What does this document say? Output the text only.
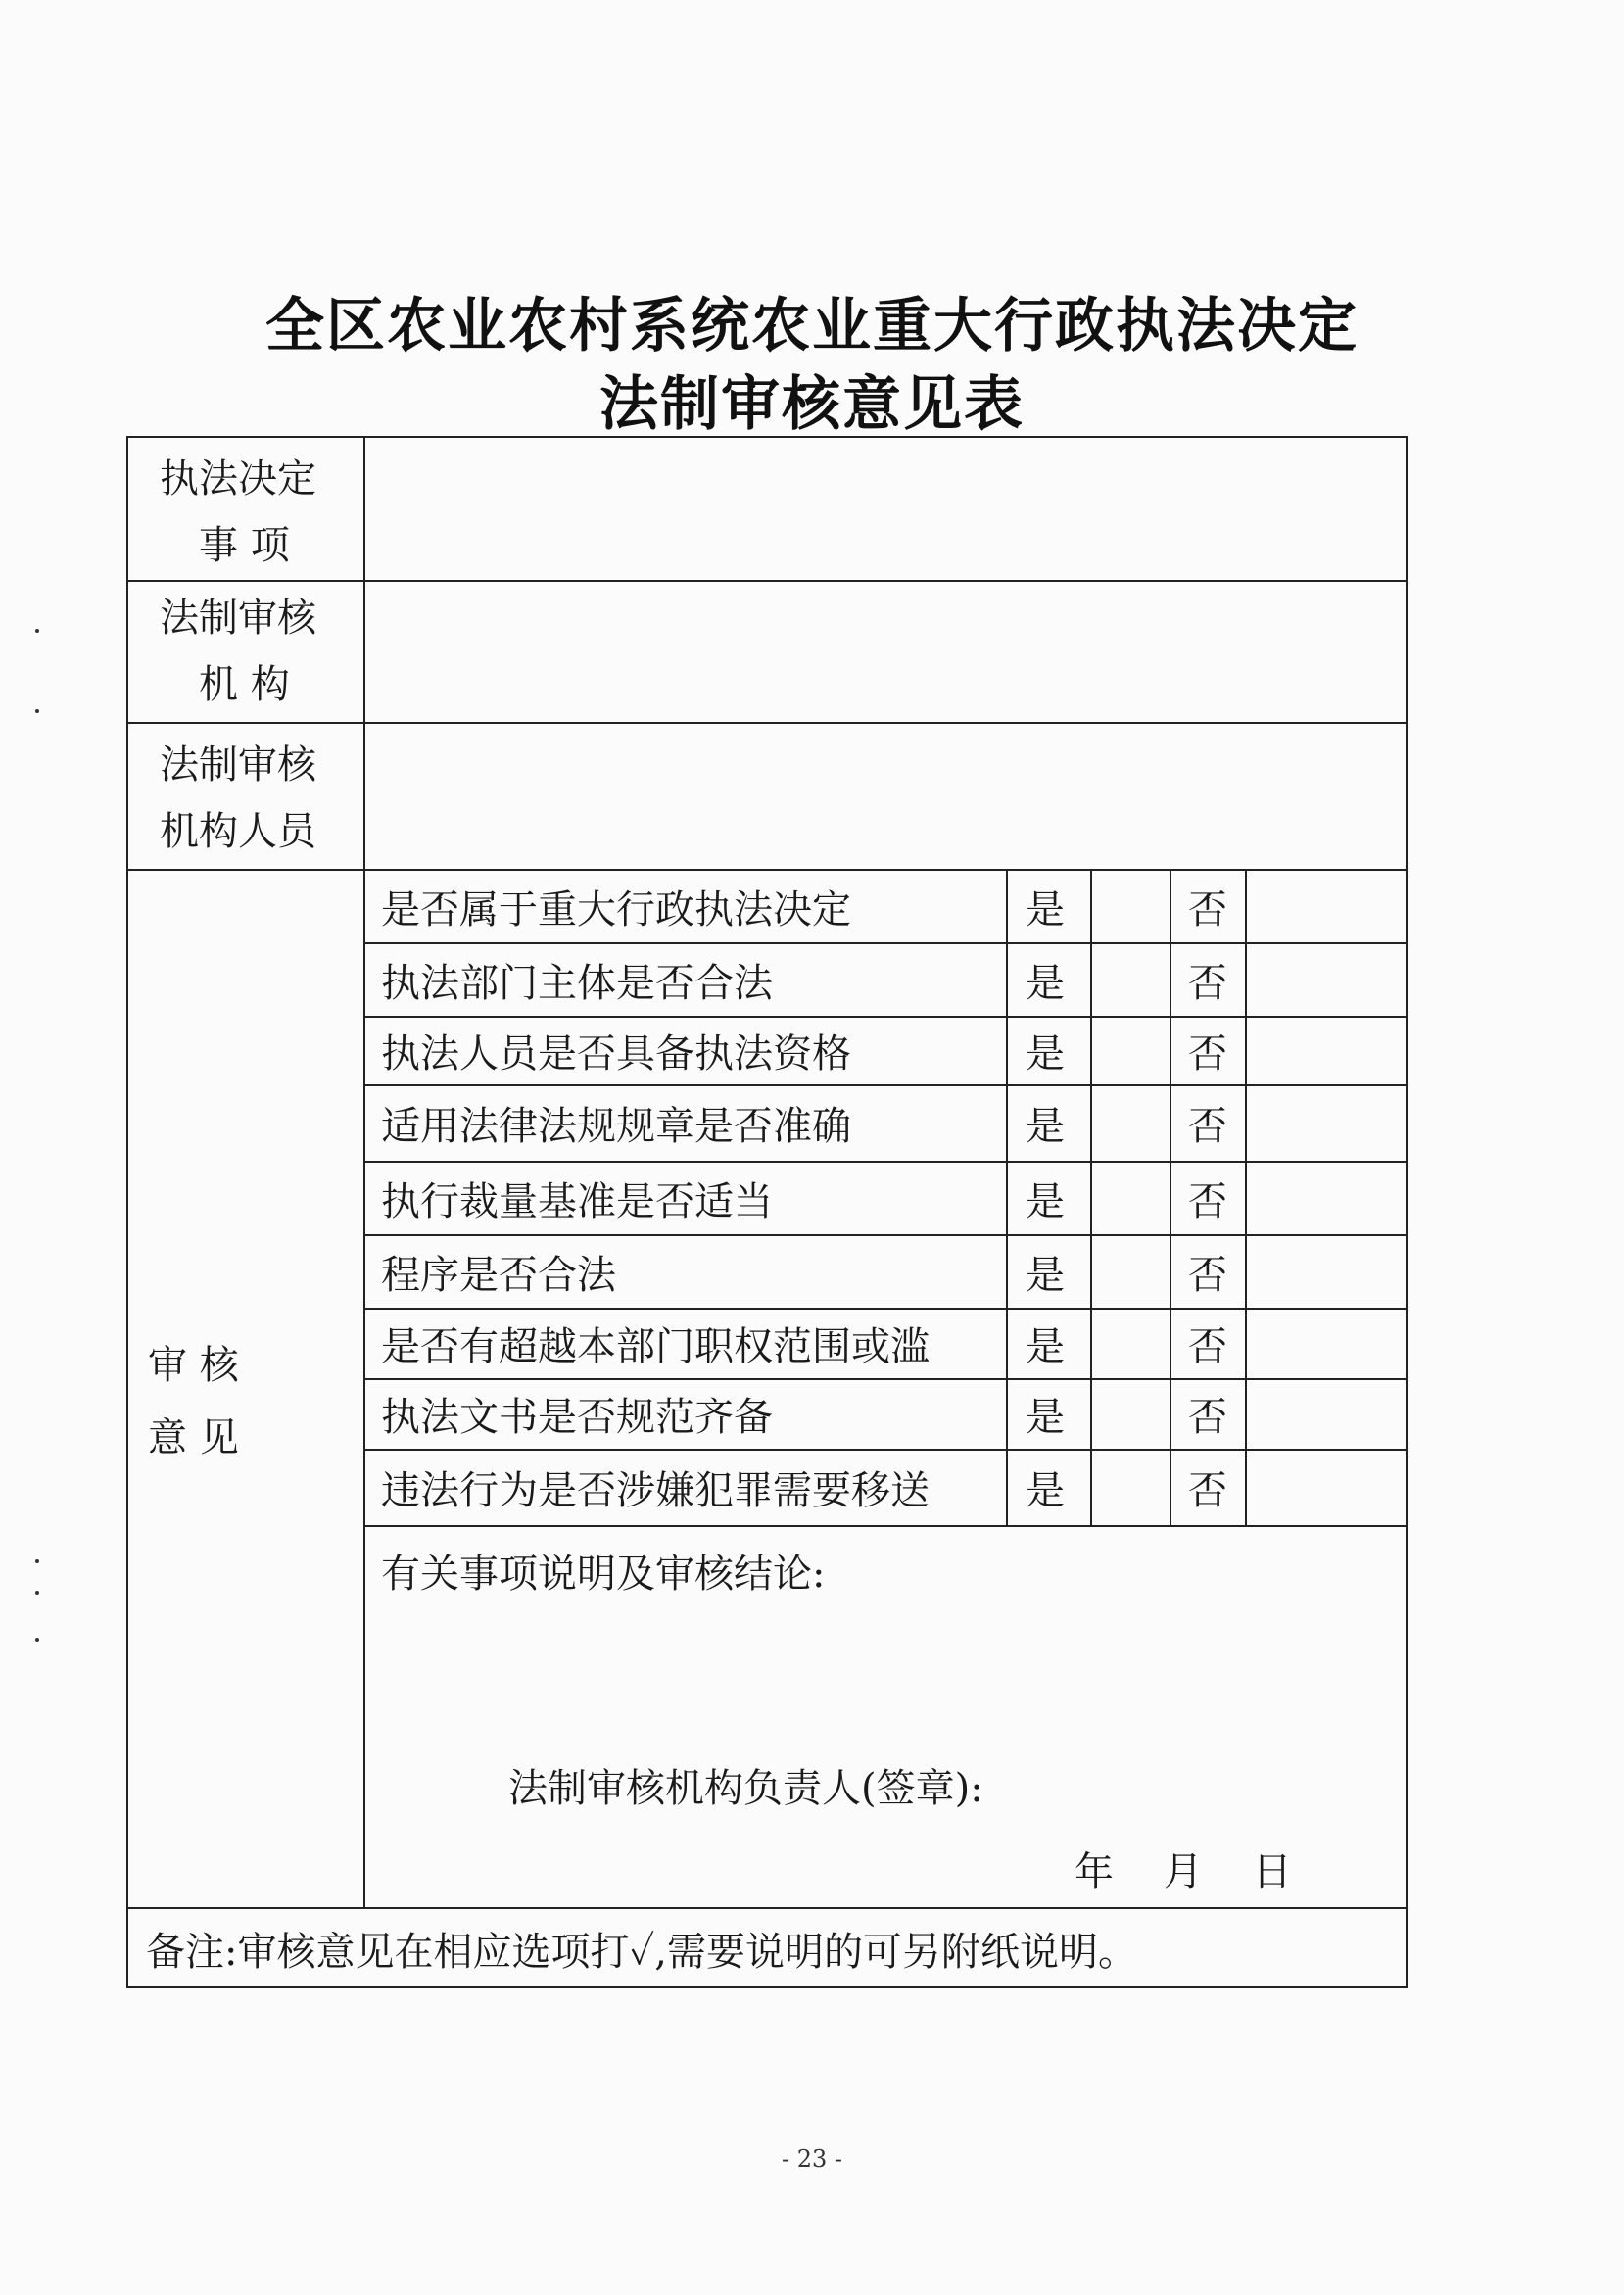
全区农业农村系统农业重大行政执法决定
法制审核意见表
执法决定
事 项
法制审核
机 构
法制审核
机构人员
审 核
意 见
是否属于重大行政执法决定	是	否
执法部门主体是否合法	是	否
执法人员是否具备执法资格	是	否
适用法律法规规章是否准确	是	否
执行裁量基准是否适当	是	否
程序是否合法	是	否
是否有超越本部门职权范围或滥 是	否
执法文书是否规范齐备	是	否
违法行为是否涉嫌犯罪需要移送 是	否
有关事项说明及审核结论:
法制审核机构负责人(签章):
年    月    日
备注:审核意见在相应选项打✓,需要说明的可另附纸说明。
- 23 -
